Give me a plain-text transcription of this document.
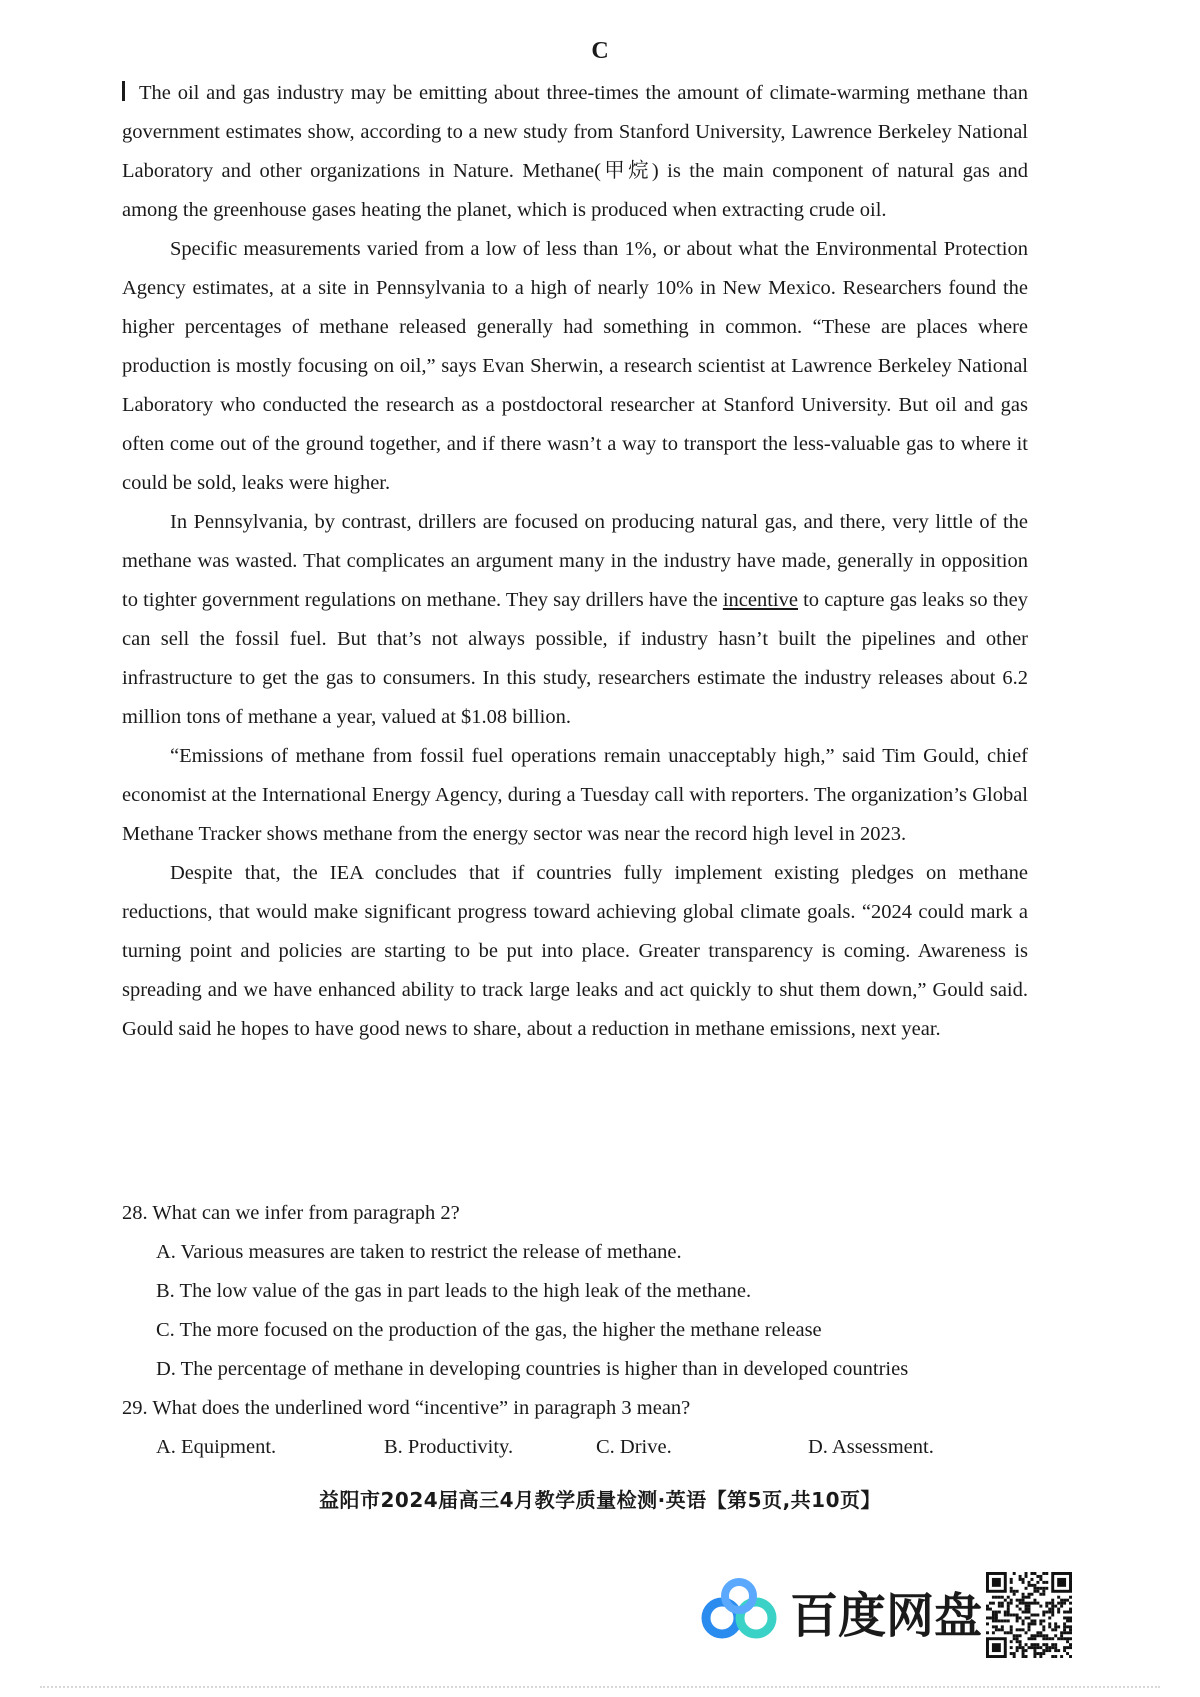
C

The oil and gas industry may be emitting about three-times the amount of climate-warming methane than government estimates show, according to a new study from Stanford University, Lawrence Berkeley National Laboratory and other organizations in Nature. Methane(甲烷) is the main component of natural gas and among the greenhouse gases heating the planet, which is produced when extracting crude oil.

Specific measurements varied from a low of less than 1%, or about what the Environmental Protection Agency estimates, at a site in Pennsylvania to a high of nearly 10% in New Mexico. Researchers found the higher percentages of methane released generally had something in common. “These are places where production is mostly focusing on oil,” says Evan Sherwin, a research scientist at Lawrence Berkeley National Laboratory who conducted the research as a postdoctoral researcher at Stanford University. But oil and gas often come out of the ground together, and if there wasn’t a way to transport the less-valuable gas to where it could be sold, leaks were higher.

In Pennsylvania, by contrast, drillers are focused on producing natural gas, and there, very little of the methane was wasted. That complicates an argument many in the industry have made, generally in opposition to tighter government regulations on methane. They say drillers have the incentive to capture gas leaks so they can sell the fossil fuel. But that’s not always possible, if industry hasn’t built the pipelines and other infrastructure to get the gas to consumers. In this study, researchers estimate the industry releases about 6.2 million tons of methane a year, valued at $1.08 billion.

“Emissions of methane from fossil fuel operations remain unacceptably high,” said Tim Gould, chief economist at the International Energy Agency, during a Tuesday call with reporters. The organization’s Global Methane Tracker shows methane from the energy sector was near the record high level in 2023.

Despite that, the IEA concludes that if countries fully implement existing pledges on methane reductions, that would make significant progress toward achieving global climate goals. “2024 could mark a turning point and policies are starting to be put into place. Greater transparency is coming. Awareness is spreading and we have enhanced ability to track large leaks and act quickly to shut them down,” Gould said. Gould said he hopes to have good news to share, about a reduction in methane emissions, next year.

28. What can we infer from paragraph 2?

A. Various measures are taken to restrict the release of methane.

B. The low value of the gas in part leads to the high leak of the methane.

C. The more focused on the production of the gas, the higher the methane release

D. The percentage of methane in developing countries is higher than in developed countries

29. What does the underlined word “incentive” in paragraph 3 mean?

A. Equipment.	B. Productivity.	C. Drive.	D. Assessment.
益阳市2024届高三4月教学质量检测·英语【第5页,共10页】
百度网盘
